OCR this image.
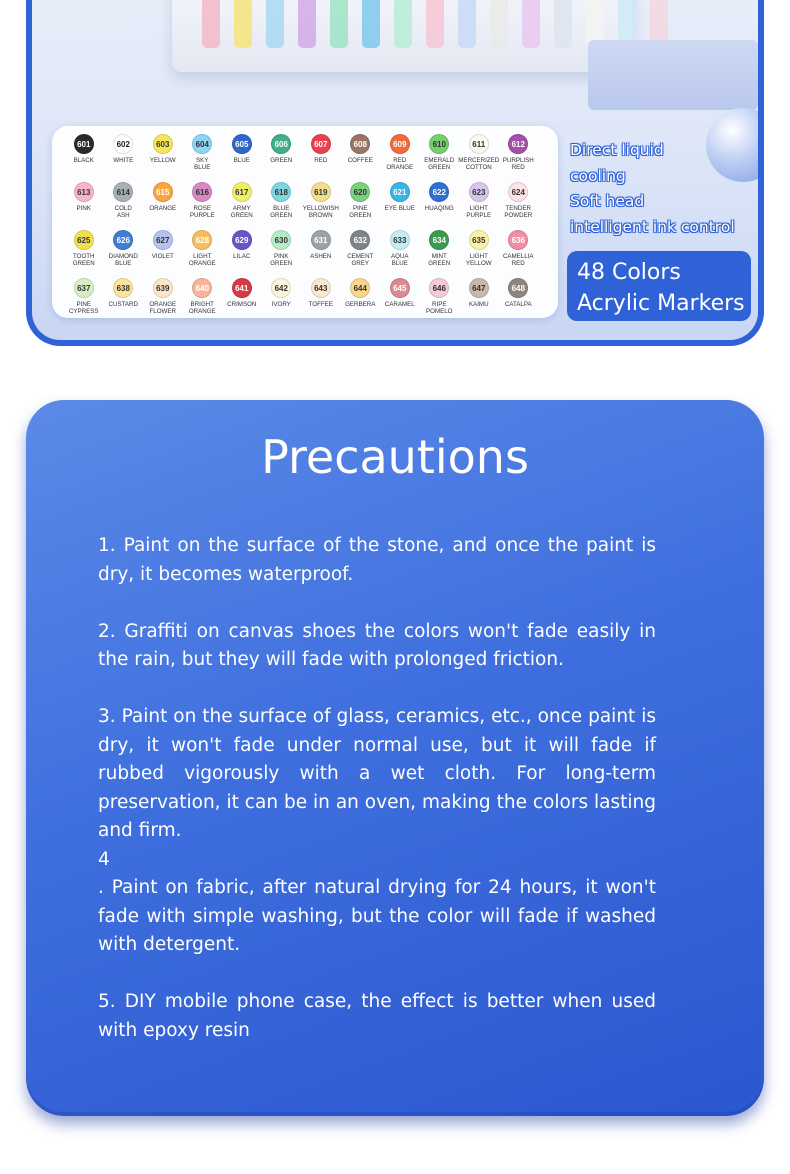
601
BLACK
602
WHITE
603
YELLOW
604
SKY
BLUE
605
BLUE
606
GREEN
607
RED
608
COFFEE
609
RED
ORANGE
610
EMERALD
GREEN
611
MERCERIZED
COTTON
612
PURPLISH
RED
613
PINK
614
COLD
ASH
615
ORANGE
616
ROSE
PURPLE
617
ARMY
GREEN
618
BLUE
GREEN
619
YELLOWISH
BROWN
620
PINE
GREEN
621
EYE BLUE
622
HUAQING
623
LIGHT
PURPLE
624
TENDER
POWDER
625
TOOTH
GREEN
626
DIAMOND
BLUE
627
VIOLET
628
LIGHT
ORANGE
629
LILAC
630
PINK
GREEN
631
ASHEN
632
CEMENT
GREY
633
AQUA
BLUE
634
MINT
GREEN
635
LIGHT
YELLOW
636
CAMELLIA
RED
637
PINE
CYPRESS
638
CUSTARD
639
ORANGE
FLOWER
640
BRIGHT
ORANGE
641
CRIMSON
642
IVORY
643
TOFFEE
644
GERBERA
645
CARAMEL
646
RIPE
POMELO
647
KAIMU
648
CATALPA
Direct liquid
cooling
Soft head
intelligent ink control
48 Colors
Acrylic Markers
Precautions

1. Paint on the surface of the stone, and once the paint is dry, it becomes waterproof.

2. Graffiti on canvas shoes the colors won't fade easily in the rain, but they will fade with prolonged friction.

3. Paint on the surface of glass, ceramics, etc., once paint is dry, it won't fade under normal use, but it will fade if rubbed vigorously with a wet cloth. For long-term preservation, it can be in an oven, making the colors lasting and firm.

4

. Paint on fabric, after natural drying for 24 hours, it won't fade with simple washing, but the color will fade if washed with detergent.

5. DIY mobile phone case, the effect is better when used with epoxy resin
